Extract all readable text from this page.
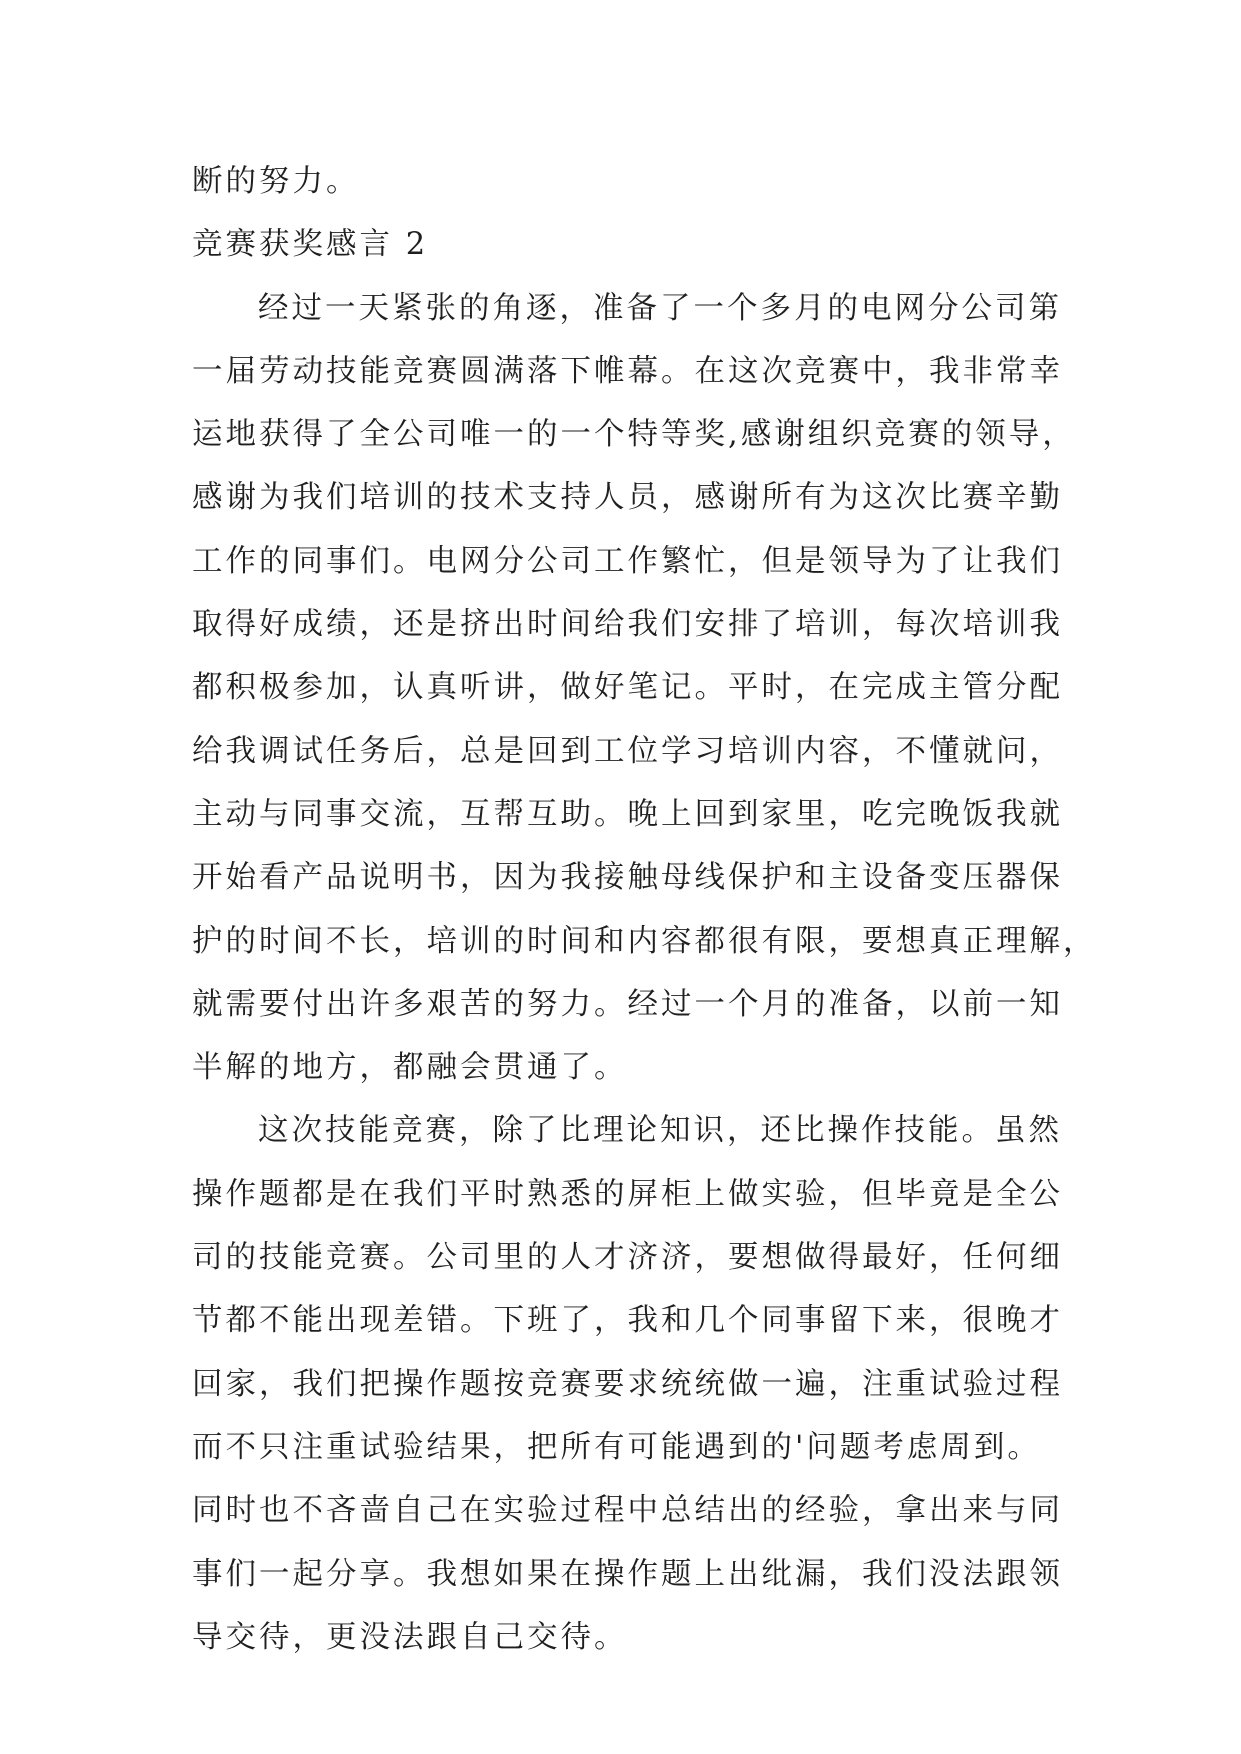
断的努力。
竞赛获奖感言 2
经过一天紧张的角逐，准备了一个多月的电网分公司第
一届劳动技能竞赛圆满落下帷幕。在这次竞赛中，我非常幸
运地获得了全公司唯一的一个特等奖,感谢组织竞赛的领导，
感谢为我们培训的技术支持人员，感谢所有为这次比赛辛勤
工作的同事们。电网分公司工作繁忙，但是领导为了让我们
取得好成绩，还是挤出时间给我们安排了培训，每次培训我
都积极参加，认真听讲，做好笔记。平时，在完成主管分配
给我调试任务后，总是回到工位学习培训内容，不懂就问，
主动与同事交流，互帮互助。晚上回到家里，吃完晚饭我就
开始看产品说明书，因为我接触母线保护和主设备变压器保
护的时间不长，培训的时间和内容都很有限，要想真正理解，
就需要付出许多艰苦的努力。经过一个月的准备，以前一知
半解的地方，都融会贯通了。
这次技能竞赛，除了比理论知识，还比操作技能。虽然
操作题都是在我们平时熟悉的屏柜上做实验，但毕竟是全公
司的技能竞赛。公司里的人才济济，要想做得最好，任何细
节都不能出现差错。下班了，我和几个同事留下来，很晚才
回家，我们把操作题按竞赛要求统统做一遍，注重试验过程
而不只注重试验结果，把所有可能遇到的'问题考虑周到。
同时也不吝啬自己在实验过程中总结出的经验，拿出来与同
事们一起分享。我想如果在操作题上出纰漏，我们没法跟领
导交待，更没法跟自己交待。
